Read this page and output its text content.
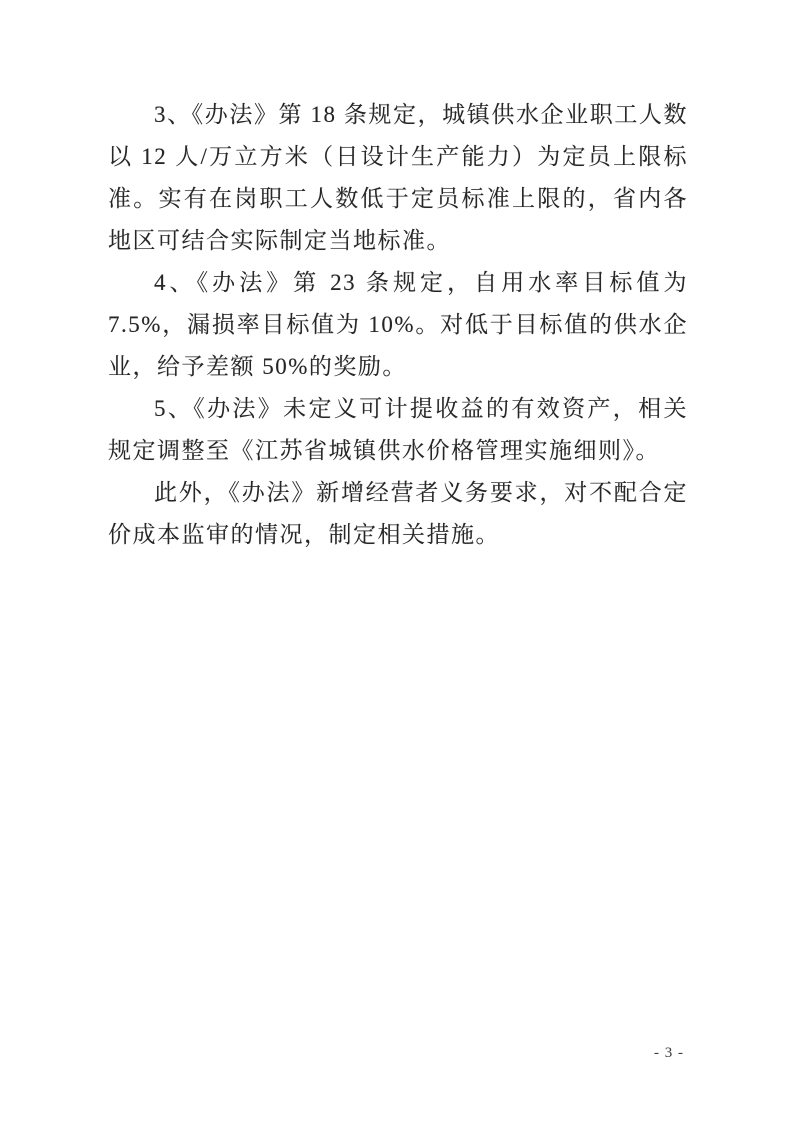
3、《办法》第 18 条规定，城镇供水企业职工人数以 12 人/万立方米（日设计生产能力）为定员上限标准。实有在岗职工人数低于定员标准上限的，省内各地区可结合实际制定当地标准。

4、《办法》第 23 条规定，自用水率目标值为 7.5%，漏损率目标值为 10%。对低于目标值的供水企业，给予差额 50%的奖励。

5、《办法》未定义可计提收益的有效资产，相关规定调整至《江苏省城镇供水价格管理实施细则》。

此外，《办法》新增经营者义务要求，对不配合定价成本监审的情况，制定相关措施。

- 3 -
